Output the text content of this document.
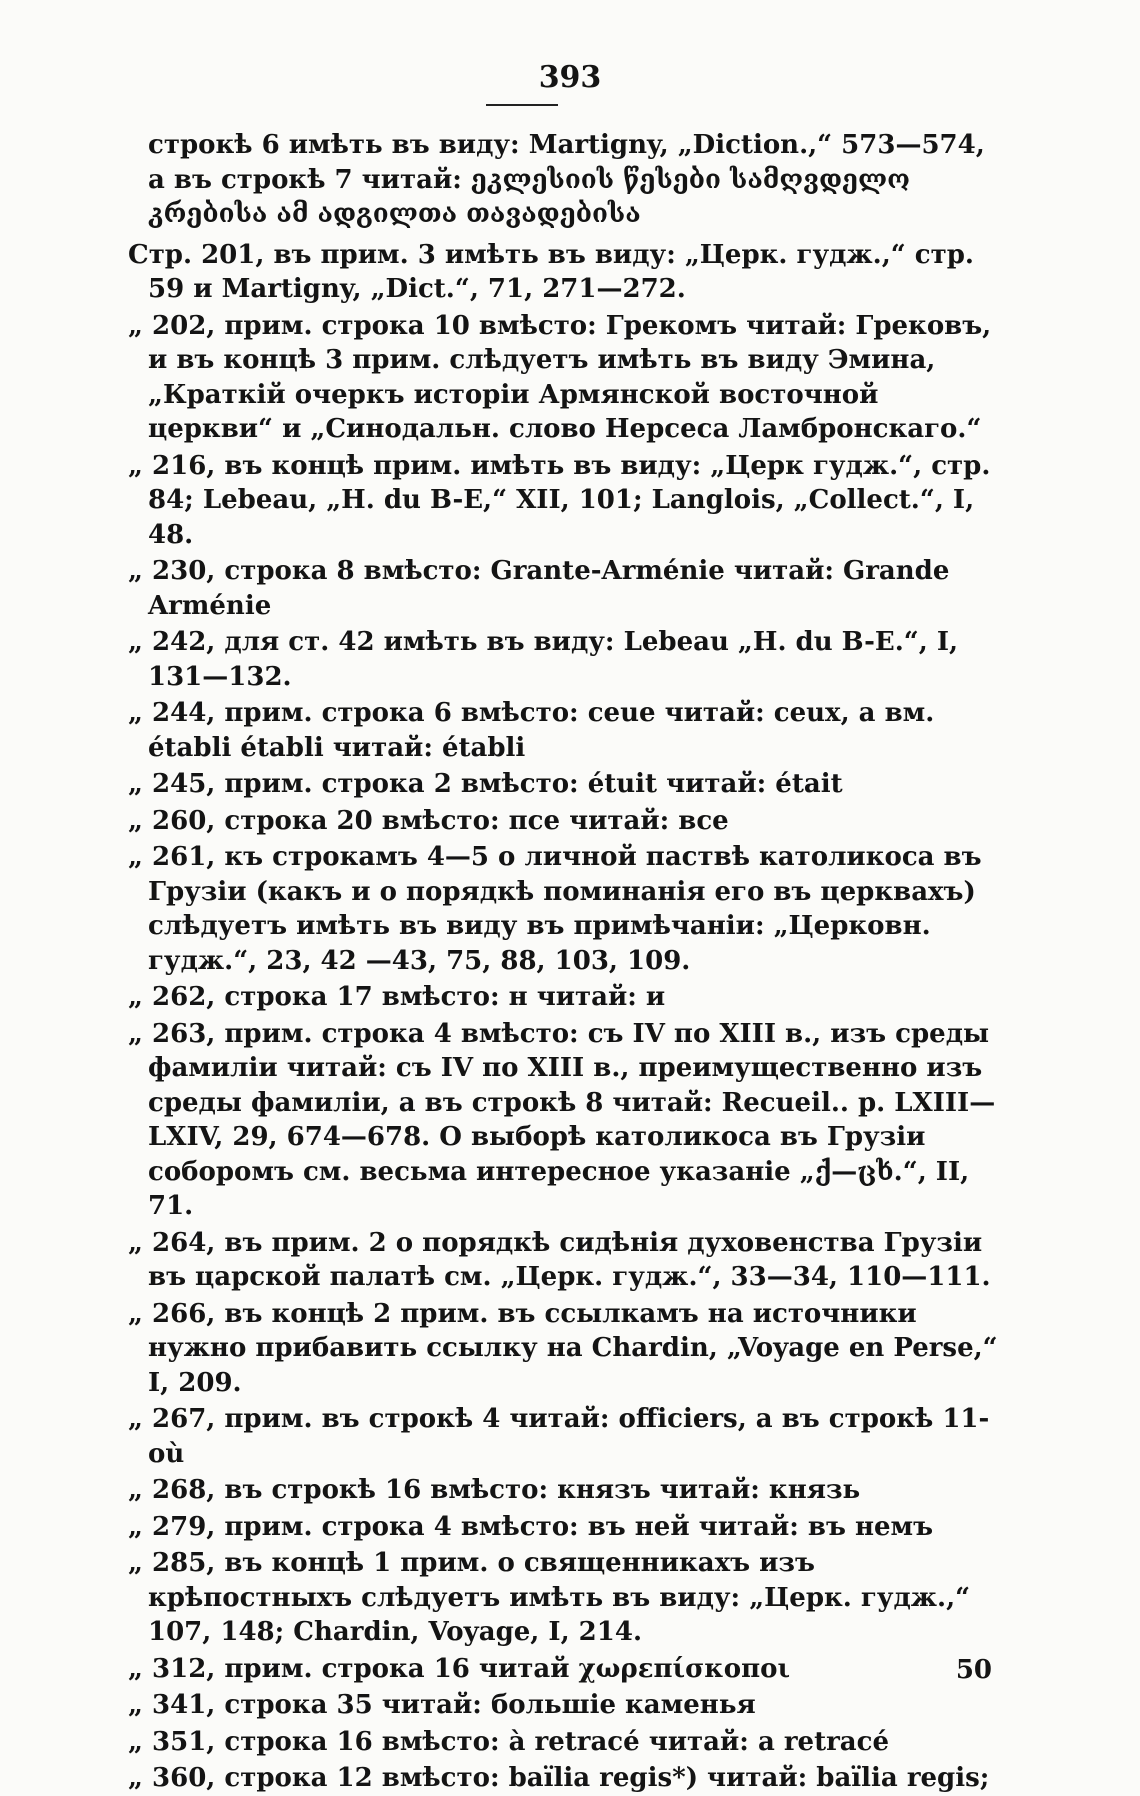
393
строкѣ 6 имѣть въ виду: Martigny, „Diction.,“ 573—574, а въ строкѣ 7 читай: ეკლესიის წესები სამღვდელო კრებისა ამ ადგილთა თავადებისა
Стр. 201, въ прим. 3 имѣть въ виду: „Церк. гудж.,“ стр. 59 и Martigny, „Dict.“, 71, 271—272.
„ 202, прим. строка 10 вмѣсто: Грекомъ читай: Грековъ, и въ концѣ 3 прим. слѣдуетъ имѣть въ виду Эмина, „Краткій очеркъ исторіи Армянской восточной церкви“ и „Синодальн. слово Нерсеса Ламбронскаго.“
„ 216, въ концѣ прим. имѣть въ виду: „Церк гудж.“, стр. 84; Lebeau, „H. du B-E,“ XII, 101; Langlois, „Collect.“, I, 48.
„ 230, строка 8 вмѣсто: Grante-Arménie читай: Grande Arménie
„ 242, для ст. 42 имѣть въ виду: Lebeau „H. du B-E.“, I, 131—132.
„ 244, прим. строка 6 вмѣсто: ceue читай: ceux, а вм. établi établi читай: établi
„ 245, прим. строка 2 вмѣсто: étuit читай: était
„ 260, строка 20 вмѣсто: псе читай: все
„ 261, къ строкамъ 4—5 о личной паствѣ католикоса въ Грузіи (какъ и о порядкѣ поминанія его въ церквахъ) слѣдуетъ имѣть въ виду въ примѣчаніи: „Церковн. гудж.“, 23, 42 —43, 75, 88, 103, 109.
„ 262, строка 17 вмѣсто: н читай: и
„ 263, прим. строка 4 вмѣсто: съ IV по XIII в., изъ среды фамиліи читай: съ IV по XIII в., преимущественно изъ среды фамиліи, а въ строкѣ 8 читай: Recueil.. p. LXIII—LXIV, 29, 674—678. О выборѣ католикоса въ Грузіи соборомъ см. весьма интересное указаніе „ქ—ცხ.“, II, 71.
„ 264, въ прим. 2 о порядкѣ сидѣнія духовенства Грузіи въ царской палатѣ см. „Церк. гудж.“, 33—34, 110—111.
„ 266, въ концѣ 2 прим. въ ссылкамъ на источники нужно прибавить ссылку на Chardin, „Voyage en Perse,“ I, 209.
„ 267, прим. въ строкѣ 4 читай: officiers, а въ строкѣ 11- où
„ 268, въ строкѣ 16 вмѣсто: князъ читай: князь
„ 279, прим. строка 4 вмѣсто: въ ней читай: въ немъ
„ 285, въ концѣ 1 прим. о священникахъ изъ крѣпостныхъ слѣдуетъ имѣть въ виду: „Церк. гудж.,“ 107, 148; Chardin, Voyage, I, 214.
„ 312, прим. строка 16 читай χωρεπίσκοποι
„ 341, строка 35 читай: большіе каменья
„ 351, строка 16 вмѣсто: à retracé читай: a retracé
„ 360, строка 12 вмѣсто: baïlia regis*) читай: baïlia regis;
50
